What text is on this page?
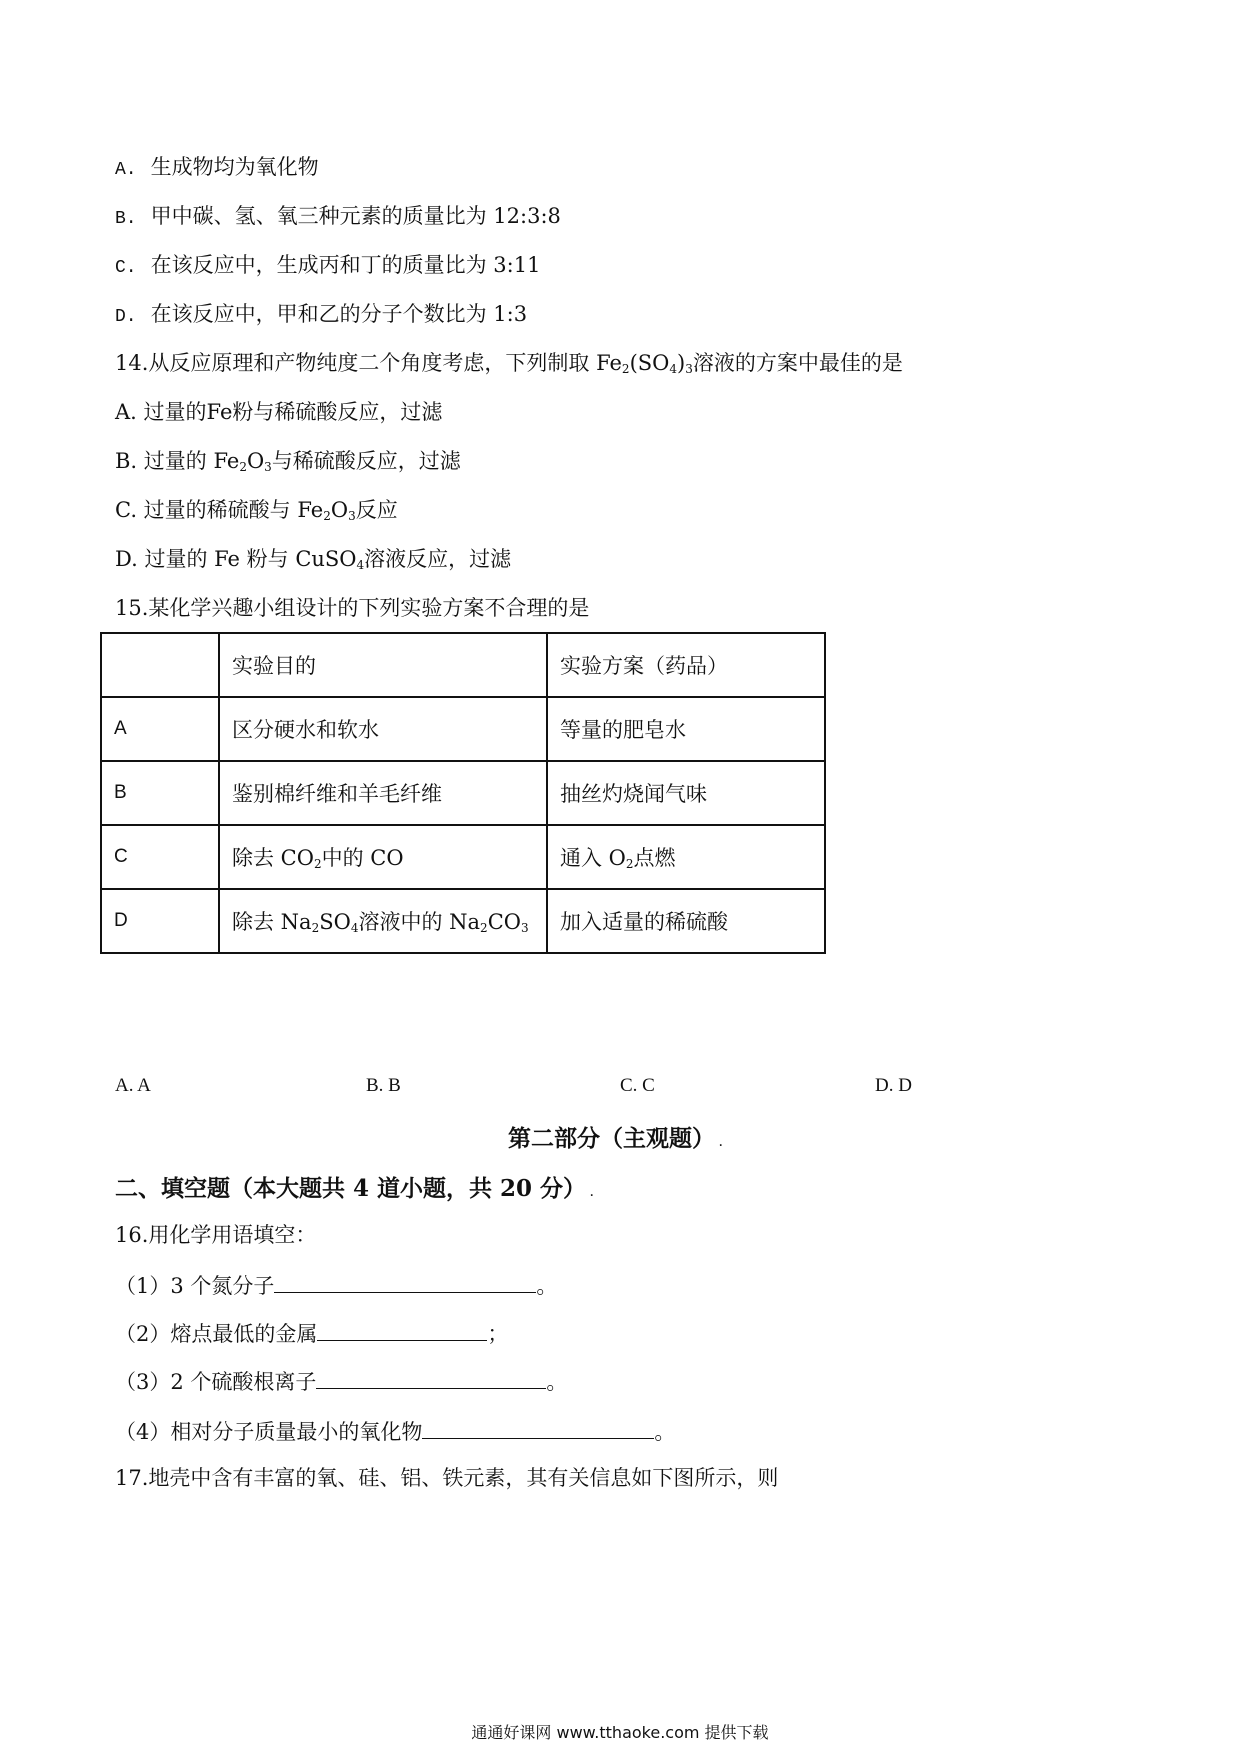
A. 生成物均为氧化物
B. 甲中碳、氢、氧三种元素的质量比为 12:3:8
C. 在该反应中，生成丙和丁的质量比为 3:11
D. 在该反应中，甲和乙的分子个数比为 1:3
14.从反应原理和产物纯度二个角度考虑，下列制取 $Fe_2(SO_4)_3$溶液的方案中最佳的是
A. 过量的Fe粉与稀硫酸反应，过滤
B. 过量的 $Fe_2O_3$与稀硫酸反应，过滤
C. 过量的稀硫酸与 $Fe_2O_3$反应
D. 过量的 Fe 粉与 CuSO$_4$溶液反应，过滤
15.某化学兴趣小组设计的下列实验方案不合理的是
	实验目的	实验方案（药品）
A	区分硬水和软水	等量的肥皂水
B	鉴别棉纤维和羊毛纤维	抽丝灼烧闻气味
C	除去 $CO_2$中的 CO	通入 $O_2$点燃
D	除去 $Na_2SO_4$溶液中的 $Na_2CO_3$	加入适量的稀硫酸
A. A	B. B	C. C	D. D
第二部分（主观题） .
二、填空题（本大题共 4 道小题，共 20 分） .
16.用化学用语填空：
（1）3 个氮分子	。
（2）熔点最低的金属	；
（3）2 个硫酸根离子	。
（4）相对分子质量最小的氧化物	。
17.地壳中含有丰富的氧、硅、铝、铁元素，其有关信息如下图所示，则
通通好课网 www.tthaoke.com 提供下载
